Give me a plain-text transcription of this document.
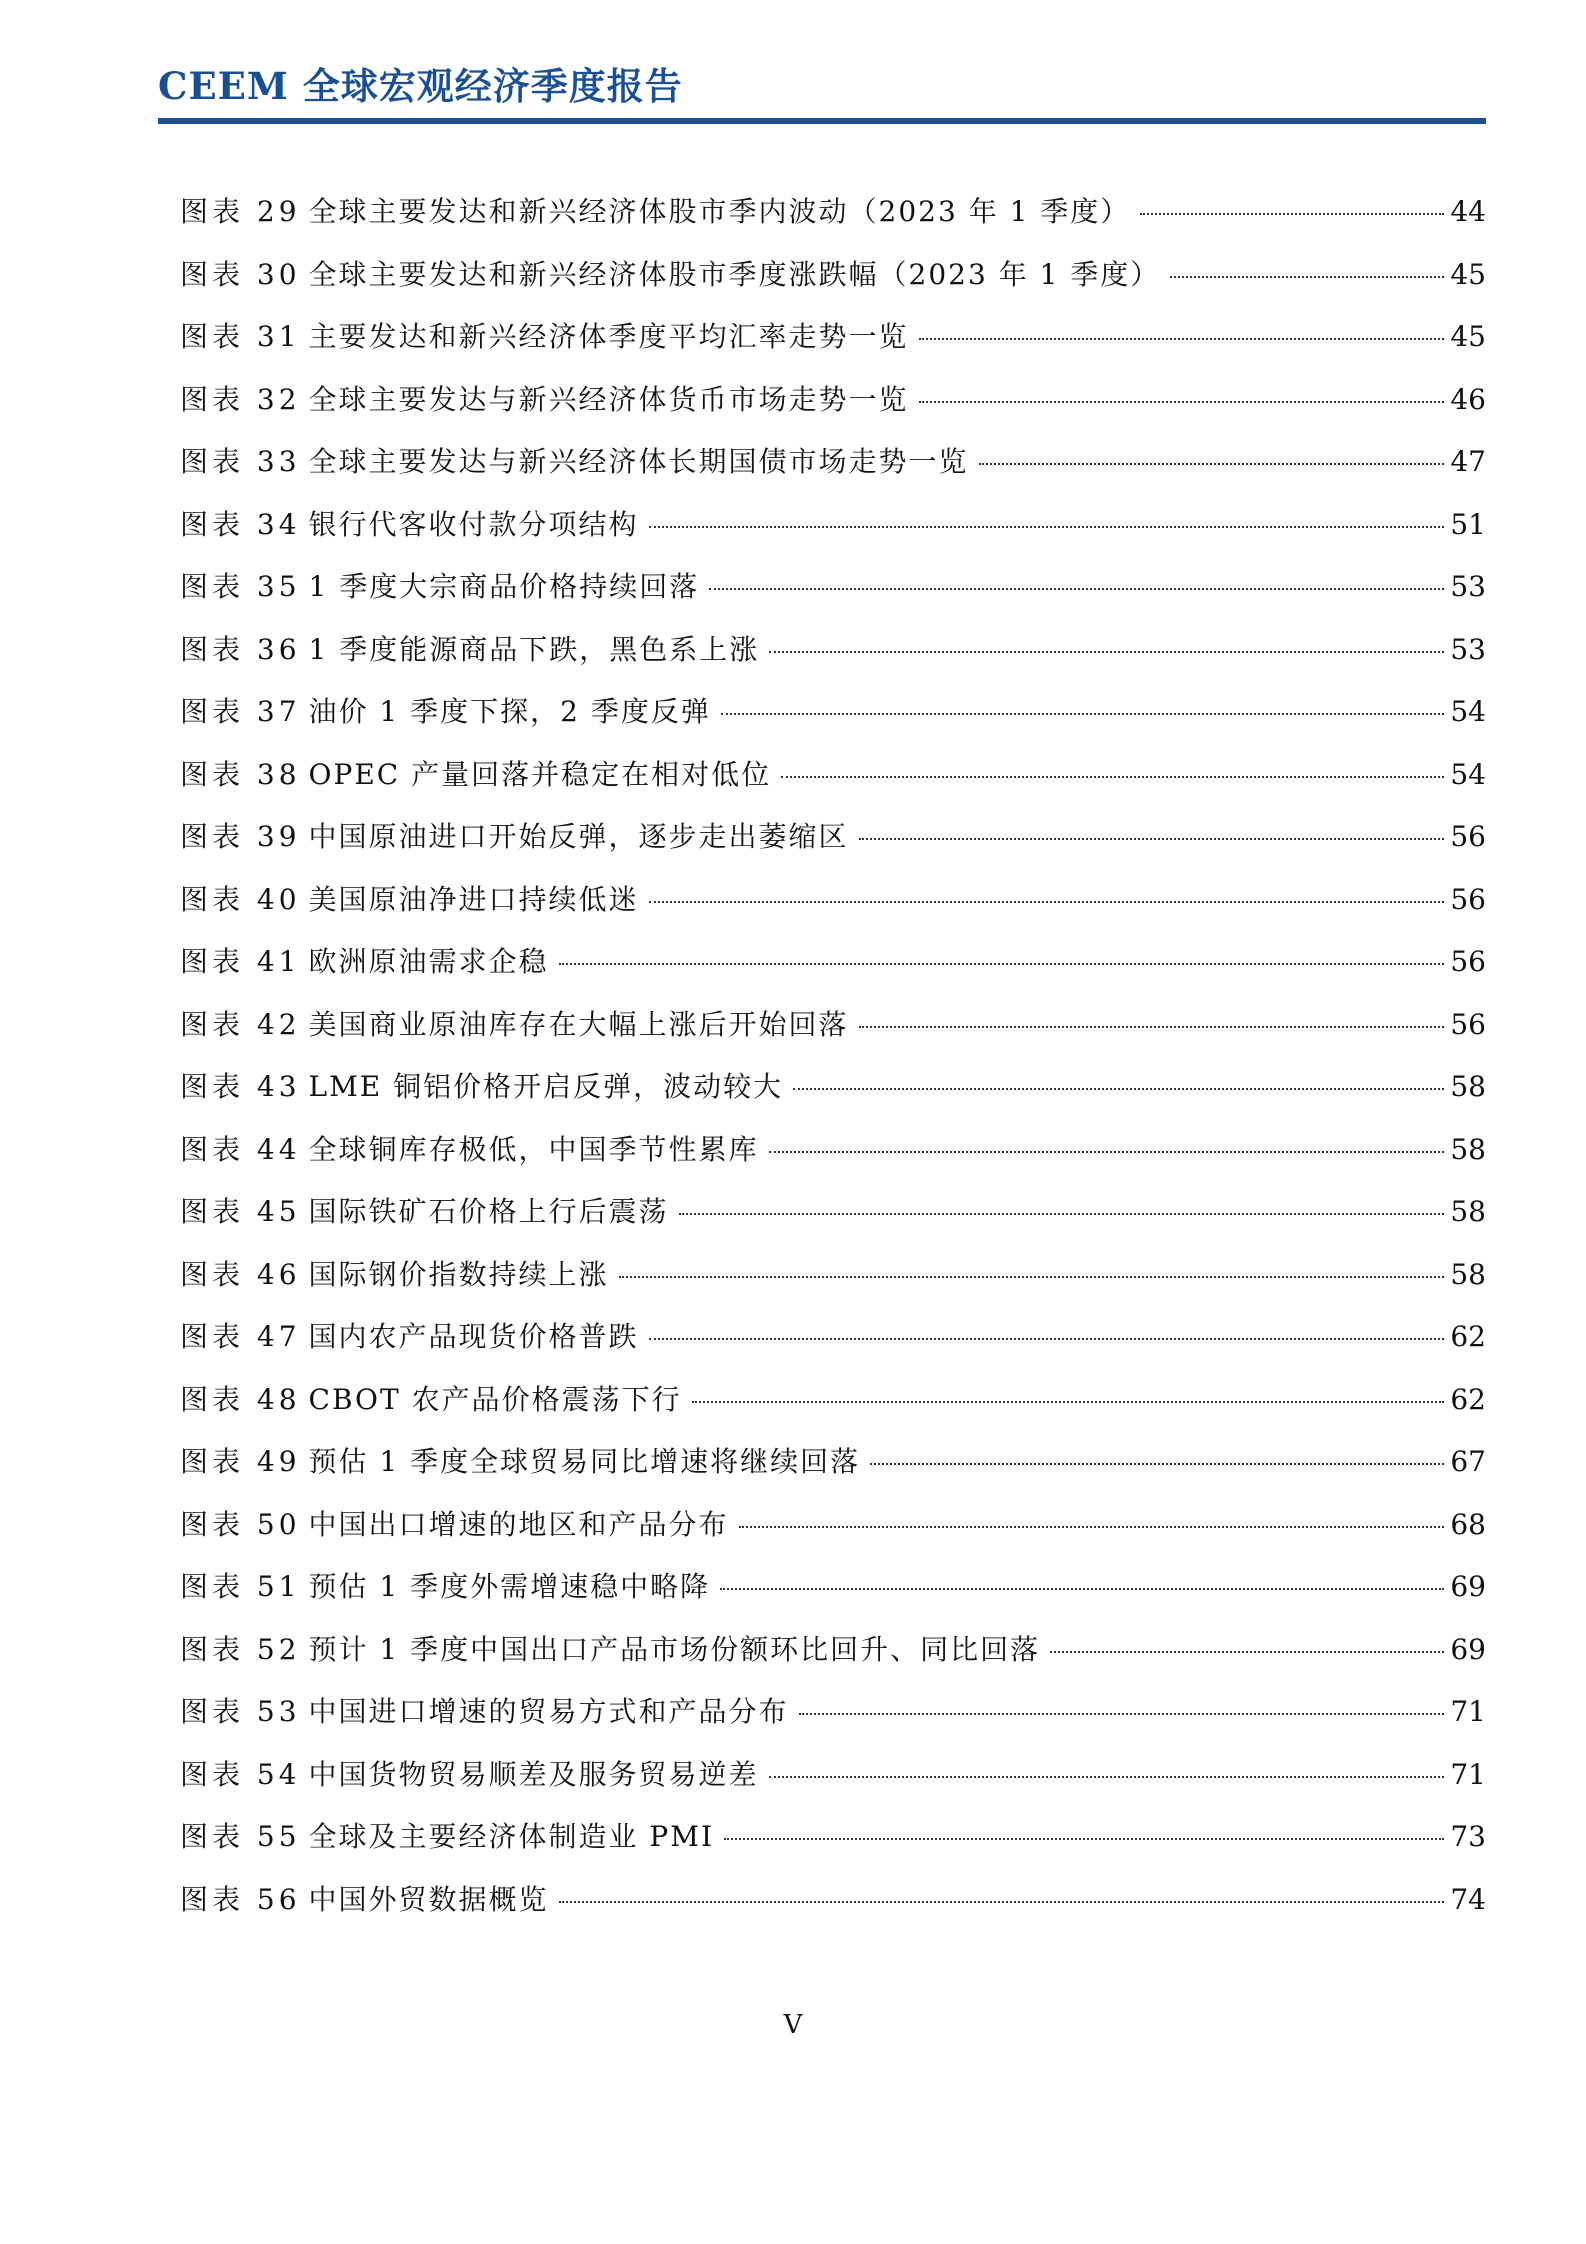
CEEM 全球宏观经济季度报告
图表 29 全球主要发达和新兴经济体股市季内波动（2023 年 1 季度）	44
图表 30 全球主要发达和新兴经济体股市季度涨跌幅（2023 年 1 季度）	45
图表 31 主要发达和新兴经济体季度平均汇率走势一览	45
图表 32 全球主要发达与新兴经济体货币市场走势一览	46
图表 33 全球主要发达与新兴经济体长期国债市场走势一览	47
图表 34 银行代客收付款分项结构	51
图表 35 1 季度大宗商品价格持续回落	53
图表 36 1 季度能源商品下跌，黑色系上涨	53
图表 37 油价 1 季度下探，2 季度反弹	54
图表 38 OPEC 产量回落并稳定在相对低位	54
图表 39 中国原油进口开始反弹，逐步走出萎缩区	56
图表 40 美国原油净进口持续低迷	56
图表 41 欧洲原油需求企稳	56
图表 42 美国商业原油库存在大幅上涨后开始回落	56
图表 43 LME 铜铝价格开启反弹，波动较大	58
图表 44 全球铜库存极低，中国季节性累库	58
图表 45 国际铁矿石价格上行后震荡	58
图表 46 国际钢价指数持续上涨	58
图表 47 国内农产品现货价格普跌	62
图表 48 CBOT 农产品价格震荡下行	62
图表 49 预估 1 季度全球贸易同比增速将继续回落	67
图表 50 中国出口增速的地区和产品分布	68
图表 51 预估 1 季度外需增速稳中略降	69
图表 52 预计 1 季度中国出口产品市场份额环比回升、同比回落	69
图表 53 中国进口增速的贸易方式和产品分布	71
图表 54 中国货物贸易顺差及服务贸易逆差	71
图表 55 全球及主要经济体制造业 PMI	73
图表 56 中国外贸数据概览	74
V
